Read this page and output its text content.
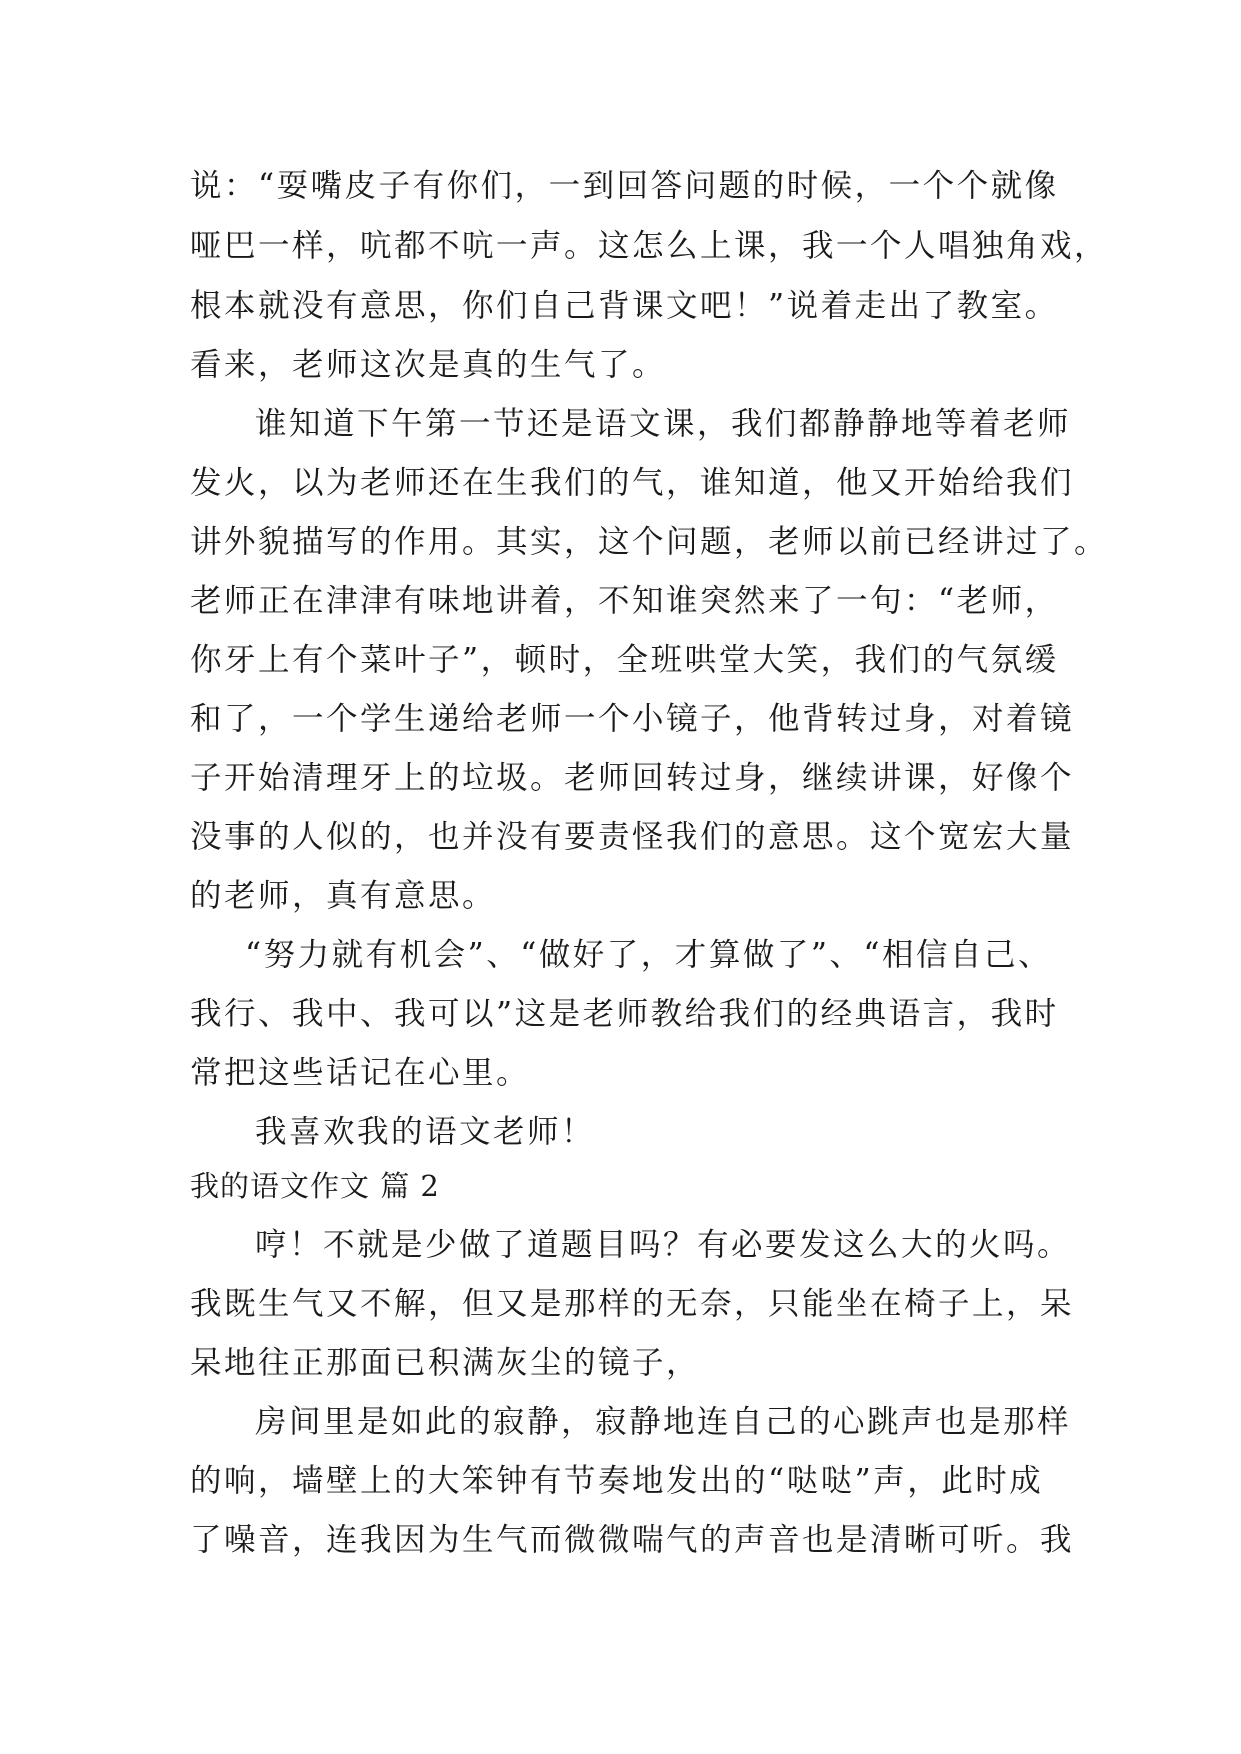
说：“耍嘴皮子有你们，一到回答问题的时候，一个个就像
哑巴一样，吭都不吭一声。这怎么上课，我一个人唱独角戏，
根本就没有意思，你们自己背课文吧！”说着走出了教室。
看来，老师这次是真的生气了。
谁知道下午第一节还是语文课，我们都静静地等着老师
发火，以为老师还在生我们的气，谁知道，他又开始给我们
讲外貌描写的作用。其实，这个问题，老师以前已经讲过了。
老师正在津津有味地讲着，不知谁突然来了一句：“老师，
你牙上有个菜叶子”，顿时，全班哄堂大笑，我们的气氛缓
和了，一个学生递给老师一个小镜子，他背转过身，对着镜
子开始清理牙上的垃圾。老师回转过身，继续讲课，好像个
没事的人似的，也并没有要责怪我们的意思。这个宽宏大量
的老师，真有意思。
“努力就有机会”、“做好了，才算做了”、“相信自己、
我行、我中、我可以”这是老师教给我们的经典语言，我时
常把这些话记在心里。
我喜欢我的语文老师！
我的语文作文 篇 2
哼！不就是少做了道题目吗？有必要发这么大的火吗。
我既生气又不解，但又是那样的无奈，只能坐在椅子上，呆
呆地往正那面已积满灰尘的镜子，
房间里是如此的寂静，寂静地连自己的心跳声也是那样
的响，墙壁上的大笨钟有节奏地发出的“哒哒”声，此时成
了噪音，连我因为生气而微微喘气的声音也是清晰可听。我
